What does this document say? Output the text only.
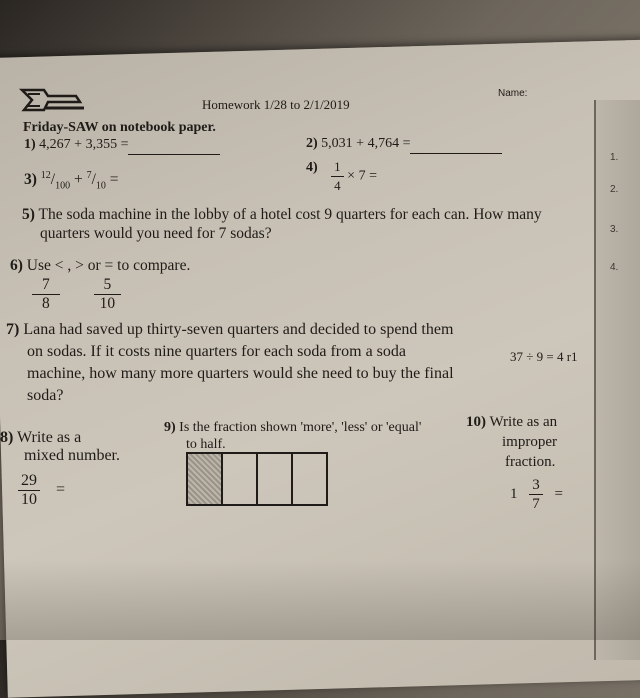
1.
2.
3.
4.
Name:
Homework 1/28 to 2/1/2019
Friday-SAW on notebook paper.
1) 4,267 + 3,355 =	2) 5,031 + 4,764 =
3) $^{12}/_{100} + ^7/_{10}$ =
$4) \frac{1}{4} \times 7$ =
5) The soda machine in the lobby of a hotel cost 9 quarters for each can. How many
quarters would you need for 7 sodas?
6) Use < , > or = to compare.
$\frac{7}{8}$
$\frac{5}{10}$
7) Lana had saved up thirty-seven quarters and decided to spend them
on sodas. If it costs nine quarters for each soda from a soda
machine, how many more quarters would she need to buy the final
soda?
37 ÷ 9 = 4 r1
8) Write as a
mixed number.
$\frac{29}{10}$ =
9) Is the fraction shown 'more', 'less' or 'equal'
to half.
10) Write as an
improper
fraction.
$1 \frac{3}{7}$ =
